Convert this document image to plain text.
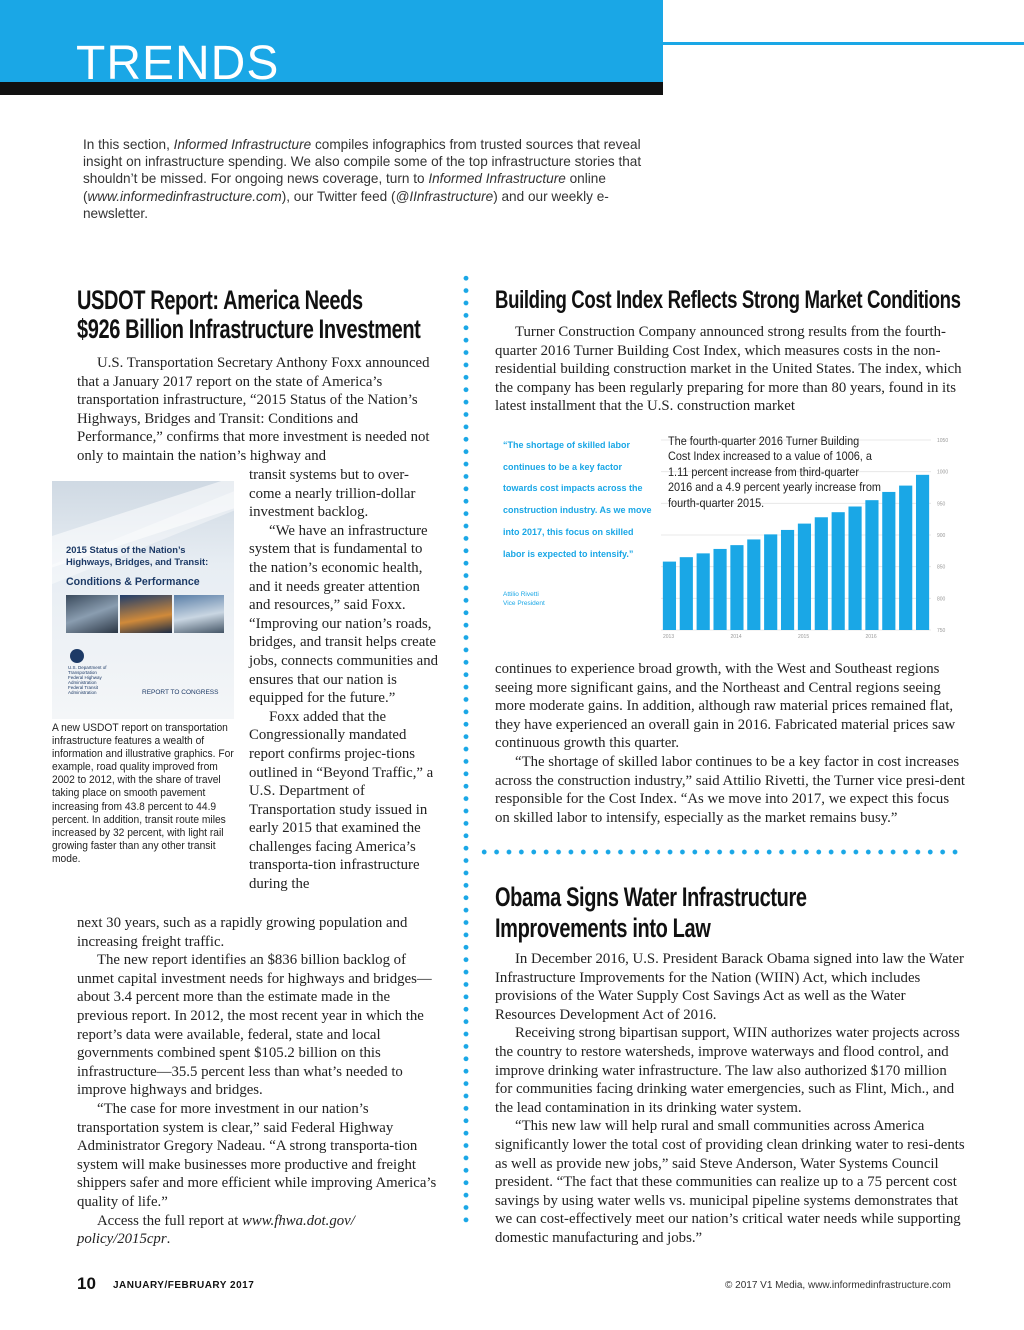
TRENDS
In this section, Informed Infrastructure compiles infographics from trusted sources that reveal insight on infrastructure spending. We also compile some of the top infrastructure stories that shouldn’t be missed. For ongoing news coverage, turn to Informed Infrastructure online (www.informedinfrastructure.com), our Twitter feed (@IInfrastructure) and our weekly e-newsletter.
USDOT Report: America Needs
$926 Billion Infrastructure Investment

U.S. Transportation Secretary Anthony Foxx announced that a January 2017 report on the state of America’s transportation infrastructure, “2015 Status of the Nation’s Highways, Bridges and Transit: Conditions and Performance,” confirms that more investment is needed not only to maintain the nation’s highway and

transit systems but to over-come a nearly trillion-dollar investment backlog.

“We have an infrastructure system that is fundamental to the nation’s economic health, and it needs greater attention and resources,” said Foxx. “Improving our nation’s roads, bridges, and transit helps create jobs, connects communities and ensures that our nation is equipped for the future.”

Foxx added that the Congressionally mandated report confirms projec-tions outlined in “Beyond Traffic,” a U.S. Department of Transportation study issued in early 2015 that examined the challenges facing America’s transporta-tion infrastructure during the

next 30 years, such as a rapidly growing population and increasing freight traffic.

The new report identifies an $836 billion backlog of unmet capital investment needs for highways and bridges—about 3.4 percent more than the estimate made in the previous report. In 2012, the most recent year in which the report’s data were available, federal, state and local governments combined spent $105.2 billion on this infrastructure—35.5 percent less than what’s needed to improve highways and bridges.

“The case for more investment in our nation’s transportation system is clear,” said Federal Highway Administrator Gregory Nadeau. “A strong transporta-tion system will make businesses more productive and freight shippers safer and more efficient while improving America’s quality of life.”

Access the full report at www.fhwa.dot.gov/ policy/2015cpr.

2015 Status of the Nation’s Highways, Bridges, and Transit:
Conditions & Performance
U.S. Department of Transportation Federal Highway Administration Federal Transit Administration	REPORT TO CONGRESS
A new USDOT report on transportation infrastructure features a wealth of information and illustrative graphics. For example, road quality improved from 2002 to 2012, with the share of travel taking place on smooth pavement increasing from 43.8 percent to 44.9 percent. In addition, transit route miles increased by 32 percent, with light rail growing faster than any other transit mode.
Building Cost Index Reflects Strong Market Conditions

Turner Construction Company announced strong results from the fourth-quarter 2016 Turner Building Cost Index, which measures costs in the non-residential building construction market in the United States. The index, which the company has been regularly preparing for more than 80 years, found in its latest installment that the U.S. construction market

“The shortage of skilled labor continues to be a key factor towards cost impacts across the construction industry. As we move into 2017, this focus on skilled labor is expected to intensify.”
Attilio Rivetti
Vice President
750
800
850
900
950
1000
1050
2013	2014	2015	2016
The fourth-quarter 2016 Turner Building Cost Index increased to a value of 1006, a 1.11 percent increase from third-quarter 2016 and a 4.9 percent yearly increase from fourth-quarter 2015.

continues to experience broad growth, with the West and Southeast regions seeing more significant gains, and the Northeast and Central regions seeing more moderate gains. In addition, although raw material prices remained flat, they have experienced an overall gain in 2016. Fabricated material prices saw continuous growth this quarter.

“The shortage of skilled labor continues to be a key factor in cost increases across the construction industry,” said Attilio Rivetti, the Turner vice presi-dent responsible for the Cost Index. “As we move into 2017, we expect this focus on skilled labor to intensify, especially as the market remains busy.”

Obama Signs Water Infrastructure
Improvements into Law

In December 2016, U.S. President Barack Obama signed into law the Water Infrastructure Improvements for the Nation (WIIN) Act, which includes provisions of the Water Supply Cost Savings Act as well as the Water Resources Development Act of 2016.

Receiving strong bipartisan support, WIIN authorizes water projects across the country to restore watersheds, improve waterways and flood control, and improve drinking water infrastructure. The law also authorized $170 million for communities facing drinking water emergencies, such as Flint, Mich., and the lead contamination in its drinking water system.

“This new law will help rural and small communities across America significantly lower the total cost of providing clean drinking water to resi-dents as well as provide new jobs,” said Steve Anderson, Water Systems Council president. “The fact that these communities can realize up to a 75 percent cost savings by using water wells vs. municipal pipeline systems demonstrates that we can cost-effectively meet our nation’s critical water needs while supporting domestic manufacturing and jobs.”

10 JANUARY/FEBRUARY 2017	© 2017 V1 Media, www.informedinfrastructure.com
